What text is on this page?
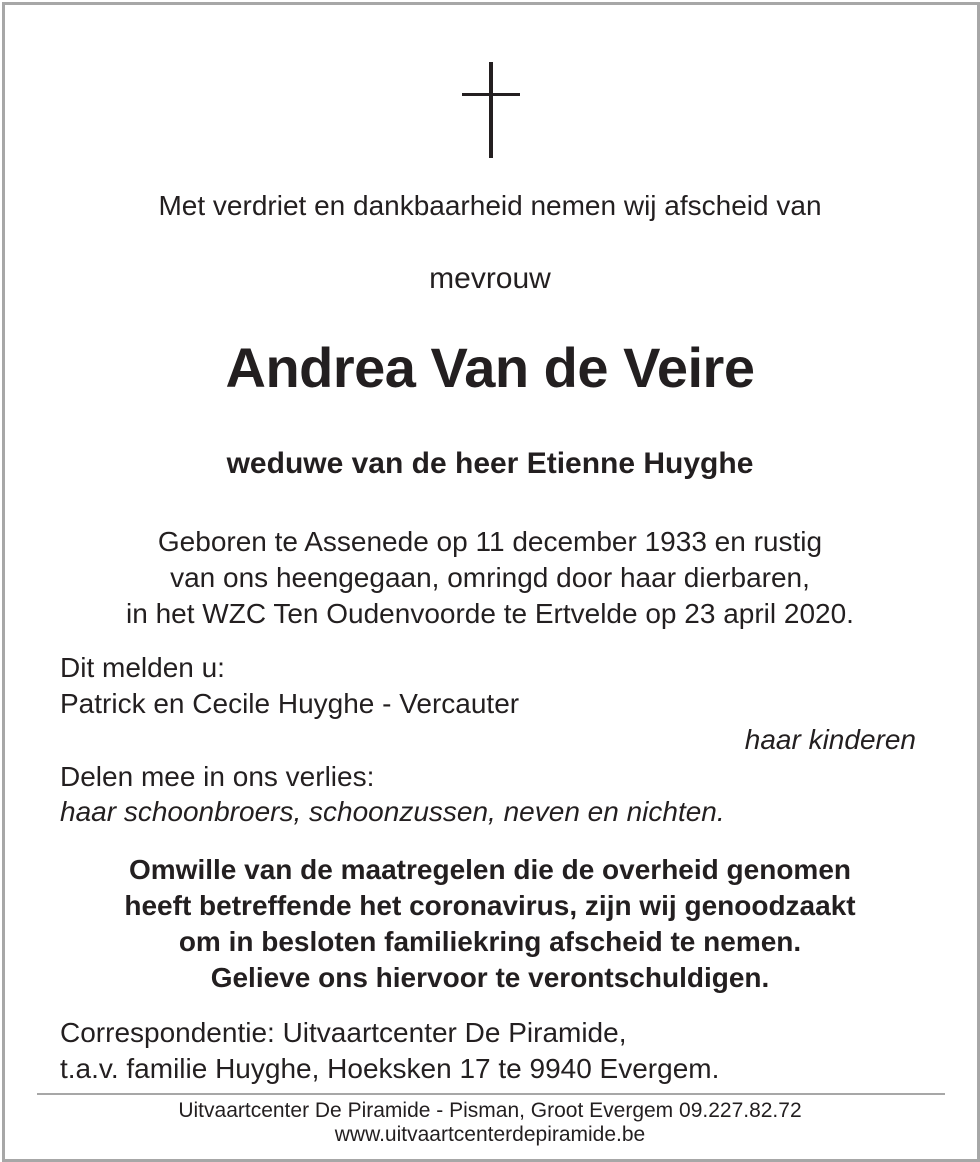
Met verdriet en dankbaarheid nemen wij afscheid van
mevrouw
Andrea Van de Veire
weduwe van de heer Etienne Huyghe
Geboren te Assenede op 11 december 1933 en rustig
van ons heengegaan, omringd door haar dierbaren,
in het WZC Ten Oudenvoorde te Ertvelde op 23 april 2020.
Dit melden u:
Patrick en Cecile Huyghe - Vercauter
haar kinderen
Delen mee in ons verlies:
haar schoonbroers, schoonzussen, neven en nichten.
Omwille van de maatregelen die de overheid genomen
heeft betreffende het coronavirus, zijn wij genoodzaakt
om in besloten familiekring afscheid te nemen.
Gelieve ons hiervoor te verontschuldigen.
Correspondentie: Uitvaartcenter De Piramide,
t.a.v. familie Huyghe, Hoeksken 17 te 9940 Evergem.
Uitvaartcenter De Piramide - Pisman, Groot Evergem 09.227.82.72
www.uitvaartcenterdepiramide.be
